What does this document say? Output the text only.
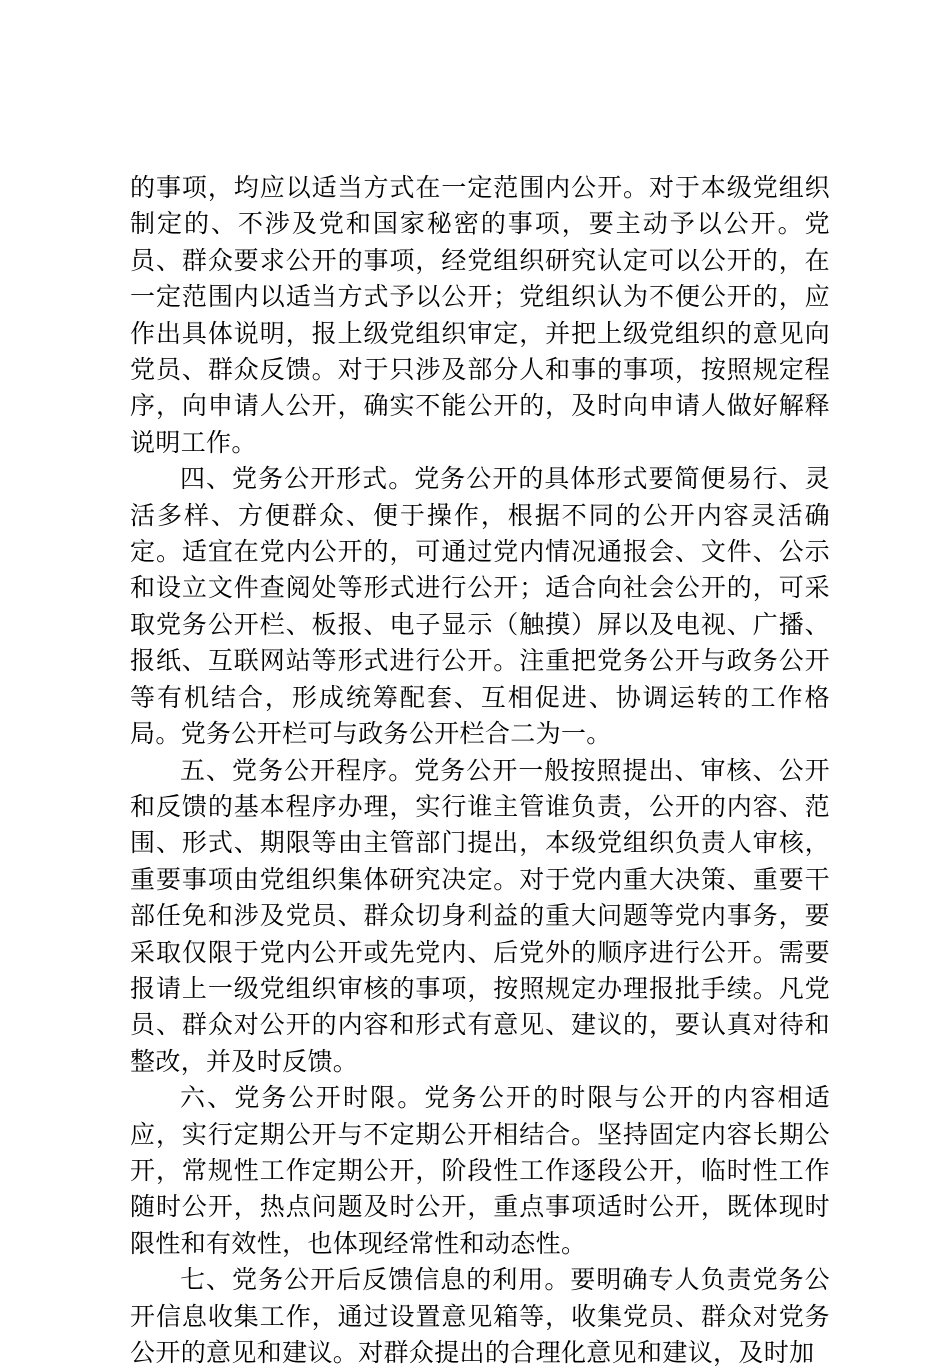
的事项，均应以适当方式在一定范围内公开。对于本级党组织制定的、不涉及党和国家秘密的事项，要主动予以公开。党员、群众要求公开的事项，经党组织研究认定可以公开的，在一定范围内以适当方式予以公开；党组织认为不便公开的，应作出具体说明，报上级党组织审定，并把上级党组织的意见向党员、群众反馈。对于只涉及部分人和事的事项，按照规定程序，向申请人公开，确实不能公开的，及时向申请人做好解释说明工作。

四、党务公开形式。党务公开的具体形式要简便易行、灵活多样、方便群众、便于操作，根据不同的公开内容灵活确定。适宜在党内公开的，可通过党内情况通报会、文件、公示和设立文件查阅处等形式进行公开；适合向社会公开的，可采取党务公开栏、板报、电子显示（触摸）屏以及电视、广播、报纸、互联网站等形式进行公开。注重把党务公开与政务公开等有机结合，形成统筹配套、互相促进、协调运转的工作格局。党务公开栏可与政务公开栏合二为一。

五、党务公开程序。党务公开一般按照提出、审核、公开和反馈的基本程序办理，实行谁主管谁负责，公开的内容、范围、形式、期限等由主管部门提出，本级党组织负责人审核，重要事项由党组织集体研究决定。对于党内重大决策、重要干部任免和涉及党员、群众切身利益的重大问题等党内事务，要采取仅限于党内公开或先党内、后党外的顺序进行公开。需要报请上一级党组织审核的事项，按照规定办理报批手续。凡党员、群众对公开的内容和形式有意见、建议的，要认真对待和整改，并及时反馈。

六、党务公开时限。党务公开的时限与公开的内容相适应，实行定期公开与不定期公开相结合。坚持固定内容长期公开，常规性工作定期公开，阶段性工作逐段公开，临时性工作随时公开，热点问题及时公开，重点事项适时公开，既体现时限性和有效性，也体现经常性和动态性。

七、党务公开后反馈信息的利用。要明确专人负责党务公开信息收集工作，通过设置意见箱等，收集党员、群众对党务公开的意见和建议。对群众提出的合理化意见和建议，及时加
